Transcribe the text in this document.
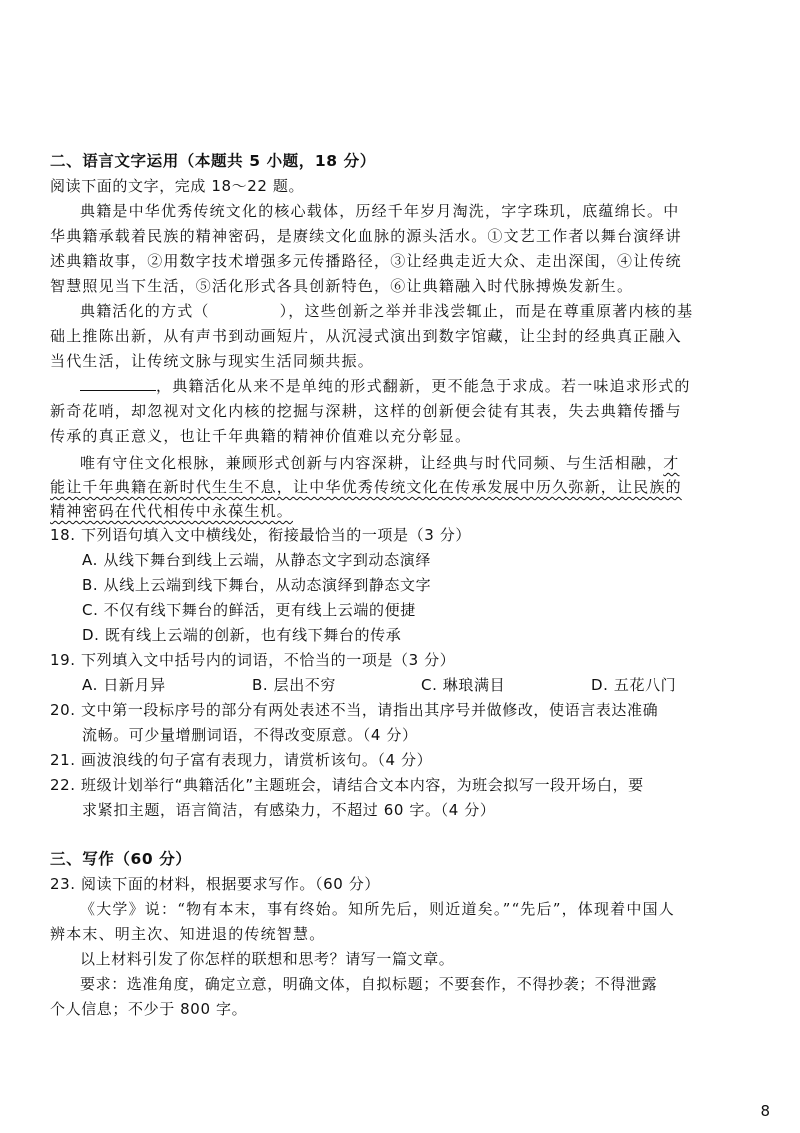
二、语言文字运用（本题共 5 小题，18 分）
阅读下面的文字，完成 18～22 题。
典籍是中华优秀传统文化的核心载体，历经千年岁月淘洗，字字珠玑，底蕴绵长。中
华典籍承载着民族的精神密码，是赓续文化血脉的源头活水。①文艺工作者以舞台演绎讲
述典籍故事，②用数字技术增强多元传播路径，③让经典走近大众、走出深闺，④让传统
智慧照见当下生活，⑤活化形式各具创新特色，⑥让典籍融入时代脉搏焕发新生。
典籍活化的方式（	），这些创新之举并非浅尝辄止，而是在尊重原著内核的基
础上推陈出新，从有声书到动画短片，从沉浸式演出到数字馆藏，让尘封的经典真正融入
当代生活，让传统文脉与现实生活同频共振。
，典籍活化从来不是单纯的形式翻新，更不能急于求成。若一味追求形式的
新奇花哨，却忽视对文化内核的挖掘与深耕，这样的创新便会徒有其表，失去典籍传播与
传承的真正意义，也让千年典籍的精神价值难以充分彰显。
唯有守住文化根脉，兼顾形式创新与内容深耕，让经典与时代同频、与生活相融，才
能让千年典籍在新时代生生不息，让中华优秀传统文化在传承发展中历久弥新，让民族的
精神密码在代代相传中永葆生机。
18. 下列语句填入文中横线处，衔接最恰当的一项是（3 分）
A. 从线下舞台到线上云端，从静态文字到动态演绎
B. 从线上云端到线下舞台，从动态演绎到静态文字
C. 不仅有线下舞台的鲜活，更有线上云端的便捷
D. 既有线上云端的创新，也有线下舞台的传承
19. 下列填入文中括号内的词语，不恰当的一项是（3 分）
A. 日新月异	B. 层出不穷	C. 琳琅满目	D. 五花八门
20. 文中第一段标序号的部分有两处表述不当，请指出其序号并做修改，使语言表达准确
流畅。可少量增删词语，不得改变原意。（4 分）
21. 画波浪线的句子富有表现力，请赏析该句。（4 分）
22. 班级计划举行“典籍活化”主题班会，请结合文本内容，为班会拟写一段开场白，要
求紧扣主题，语言简洁，有感染力，不超过 60 字。（4 分）
三、写作（60 分）
23. 阅读下面的材料，根据要求写作。（60 分）
《大学》说：“物有本末，事有终始。知所先后，则近道矣。”“先后”，体现着中国人
辨本末、明主次、知进退的传统智慧。
以上材料引发了你怎样的联想和思考？请写一篇文章。
要求：选准角度，确定立意，明确文体，自拟标题；不要套作，不得抄袭；不得泄露
个人信息；不少于 800 字。
8
